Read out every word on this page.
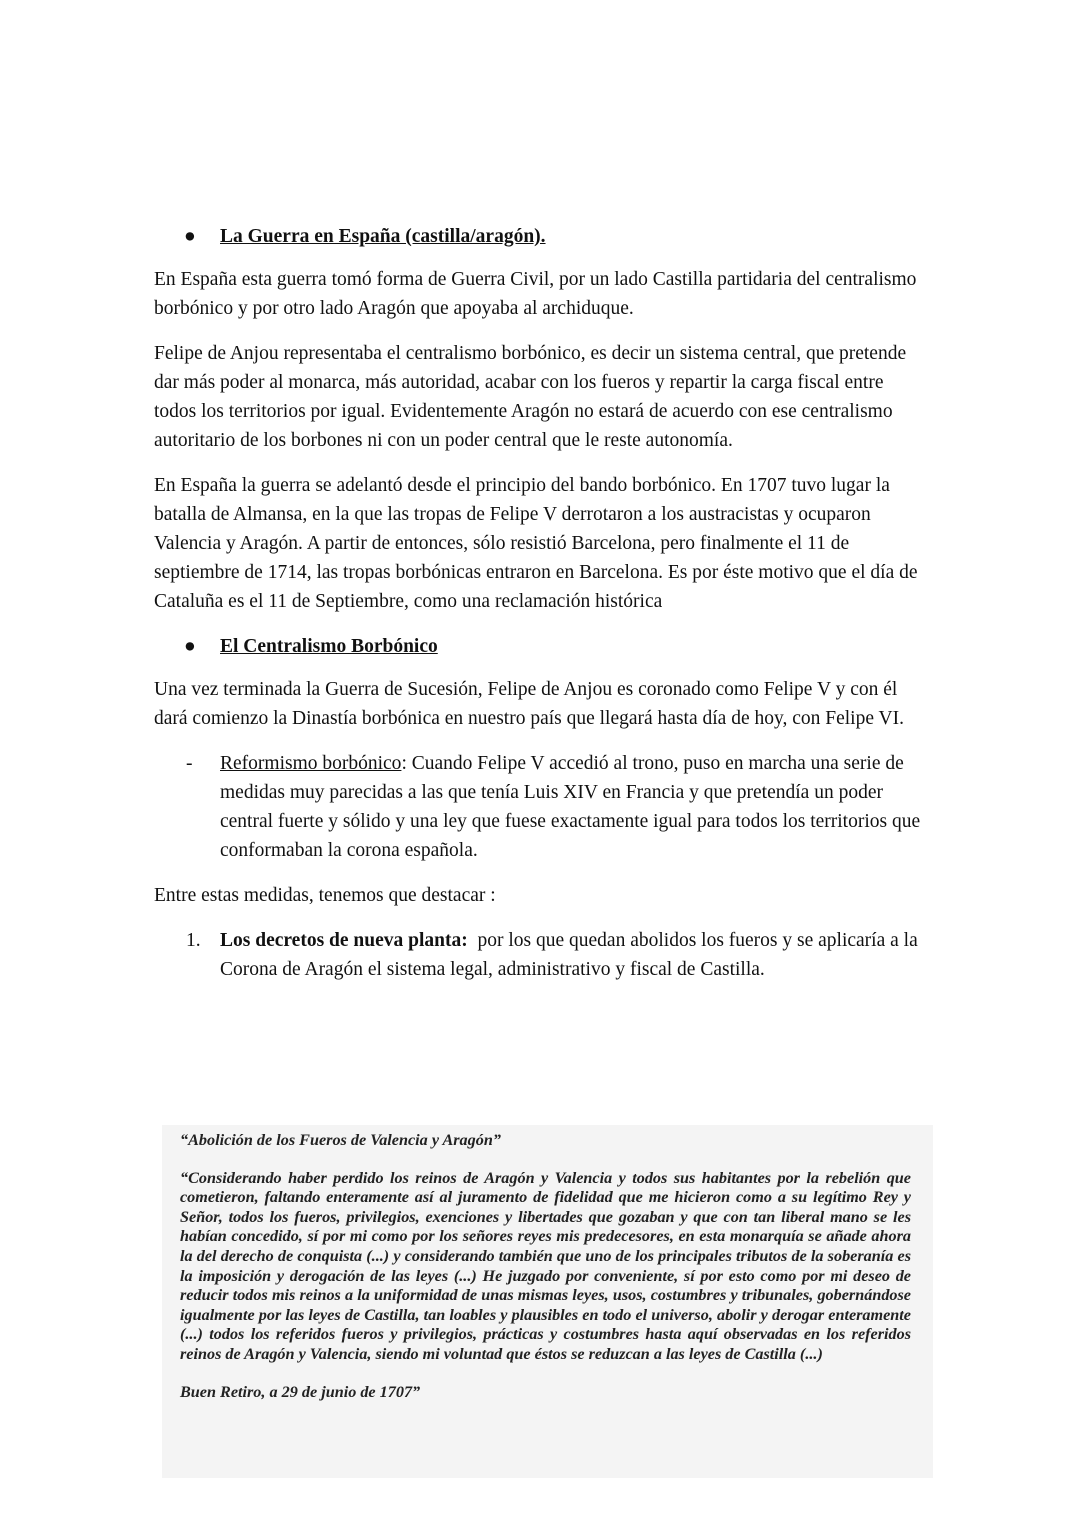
● La Guerra en España (castilla/aragón).

En España esta guerra tomó forma de Guerra Civil, por un lado Castilla partidaria del centralismo borbónico y por otro lado Aragón que apoyaba al archiduque.

Felipe de Anjou representaba el centralismo borbónico, es decir un sistema central, que pretende dar más poder al monarca, más autoridad, acabar con los fueros y repartir la carga fiscal entre todos los territorios por igual. Evidentemente Aragón no estará de acuerdo con ese centralismo autoritario de los borbones ni con un poder central que le reste autonomía.

En España la guerra se adelantó desde el principio del bando borbónico. En 1707 tuvo lugar la batalla de Almansa, en la que las tropas de Felipe V derrotaron a los austracistas y ocuparon Valencia y Aragón. A partir de entonces, sólo resistió Barcelona, pero finalmente el 11 de septiembre de 1714, las tropas borbónicas entraron en Barcelona. Es por éste motivo que el día de Cataluña es el 11 de Septiembre, como una reclamación histórica

● El Centralismo Borbónico

Una vez terminada la Guerra de Sucesión, Felipe de Anjou es coronado como Felipe V y con él dará comienzo la Dinastía borbónica en nuestro país que llegará hasta día de hoy, con Felipe VI.

- Reformismo borbónico: Cuando Felipe V accedió al trono, puso en marcha una serie de medidas muy parecidas a las que tenía Luis XIV en Francia y que pretendía un poder central fuerte y sólido y una ley que fuese exactamente igual para todos los territorios que conformaban la corona española.

Entre estas medidas, tenemos que destacar :

1. Los decretos de nueva planta:  por los que quedan abolidos los fueros y se aplicaría a la Corona de Aragón el sistema legal, administrativo y fiscal de Castilla.

“Abolición de los Fueros de Valencia y Aragón”

“Considerando haber perdido los reinos de Aragón y Valencia y todos sus habitantes por la rebelión que cometieron, faltando enteramente así al juramento de fidelidad que me hicieron como a su legítimo Rey y Señor, todos los fueros, privilegios, exenciones y libertades que gozaban y que con tan liberal mano se les habían concedido, sí por mi como por los señores reyes mis predecesores, en esta monarquía se añade ahora la del derecho de conquista (...) y considerando también que uno de los principales tributos de la soberanía es la imposición y derogación de las leyes (...) He juzgado por conveniente, sí por esto como por mi deseo de reducir todos mis reinos a la uniformidad de unas mismas leyes, usos, costumbres y tribunales, gobernándose igualmente por las leyes de Castilla, tan loables y plausibles en todo el universo, abolir y derogar enteramente (...) todos los referidos fueros y privilegios, prácticas y costumbres hasta aquí observadas en los referidos reinos de Aragón y Valencia, siendo mi voluntad que éstos se reduzcan a las leyes de Castilla (...)

Buen Retiro, a 29 de junio de 1707”
